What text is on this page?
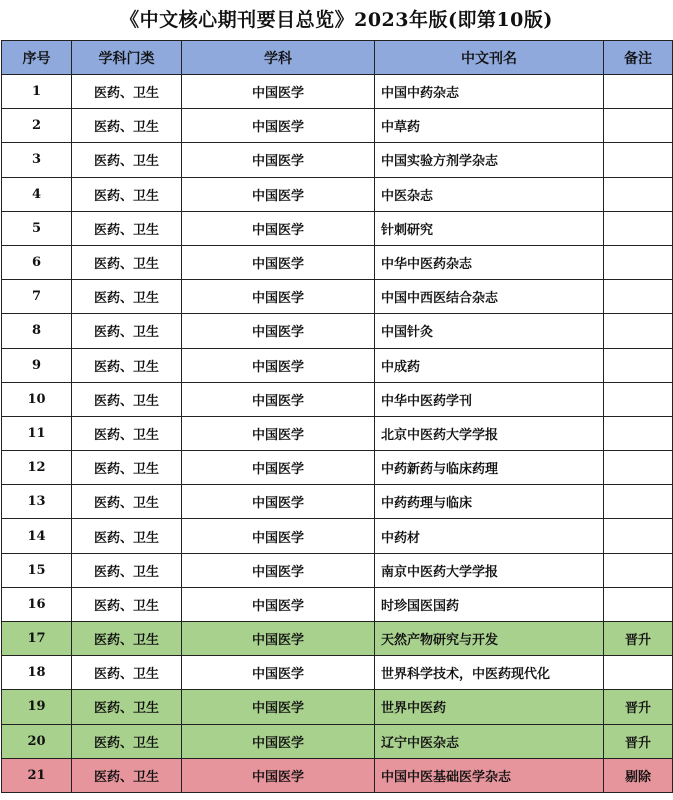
《中文核心期刊要目总览》2023年版(即第10版)
序号	学科门类	学科	中文刊名	备注
1	医药、卫生	中国医学	中国中药杂志	
2	医药、卫生	中国医学	中草药	
3	医药、卫生	中国医学	中国实验方剂学杂志	
4	医药、卫生	中国医学	中医杂志	
5	医药、卫生	中国医学	针刺研究	
6	医药、卫生	中国医学	中华中医药杂志	
7	医药、卫生	中国医学	中国中西医结合杂志	
8	医药、卫生	中国医学	中国针灸	
9	医药、卫生	中国医学	中成药	
10	医药、卫生	中国医学	中华中医药学刊	
11	医药、卫生	中国医学	北京中医药大学学报	
12	医药、卫生	中国医学	中药新药与临床药理	
13	医药、卫生	中国医学	中药药理与临床	
14	医药、卫生	中国医学	中药材	
15	医药、卫生	中国医学	南京中医药大学学报	
16	医药、卫生	中国医学	时珍国医国药	
17	医药、卫生	中国医学	天然产物研究与开发	晋升
18	医药、卫生	中国医学	世界科学技术，中医药现代化	
19	医药、卫生	中国医学	世界中医药	晋升
20	医药、卫生	中国医学	辽宁中医杂志	晋升
21	医药、卫生	中国医学	中国中医基础医学杂志	剔除
